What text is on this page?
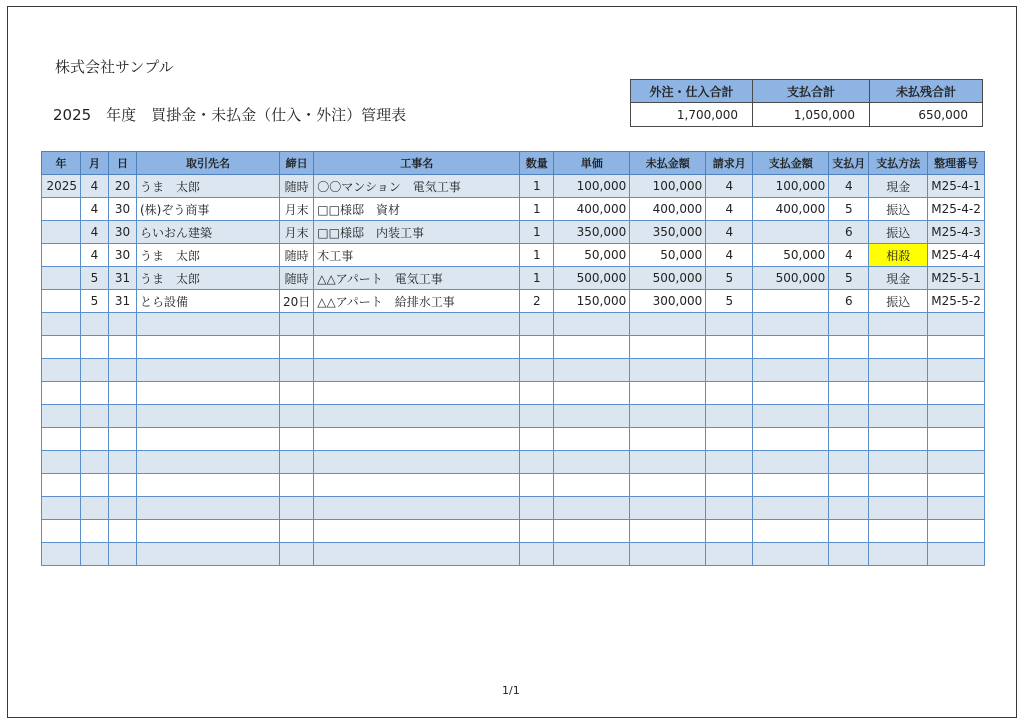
株式会社サンプル
2025　年度　買掛金・未払金（仕入・外注）管理表
外注・仕入合計	支払合計	未払残合計
1,700,000	1,050,000	650,000
年	月	日	取引先名	締日	工事名	数量	単価	未払金額	請求月	支払金額	支払月	支払方法	整理番号
2025	4	20	うま　太郎	随時	〇〇マンション　電気工事	1	100,000	100,000	4	100,000	4	現金	M25-4-1
	4	30	(株)ぞう商事	月末	□□様邸　資材	1	400,000	400,000	4	400,000	5	振込	M25-4-2
	4	30	らいおん建築	月末	□□様邸　内装工事	1	350,000	350,000	4		6	振込	M25-4-3
	4	30	うま　太郎	随時	木工事	1	50,000	50,000	4	50,000	4	相殺	M25-4-4
	5	31	うま　太郎	随時	△△アパート　電気工事	1	500,000	500,000	5	500,000	5	現金	M25-5-1
	5	31	とら設備	20日	△△アパート　給排水工事	2	150,000	300,000	5		6	振込	M25-5-2

1/1
